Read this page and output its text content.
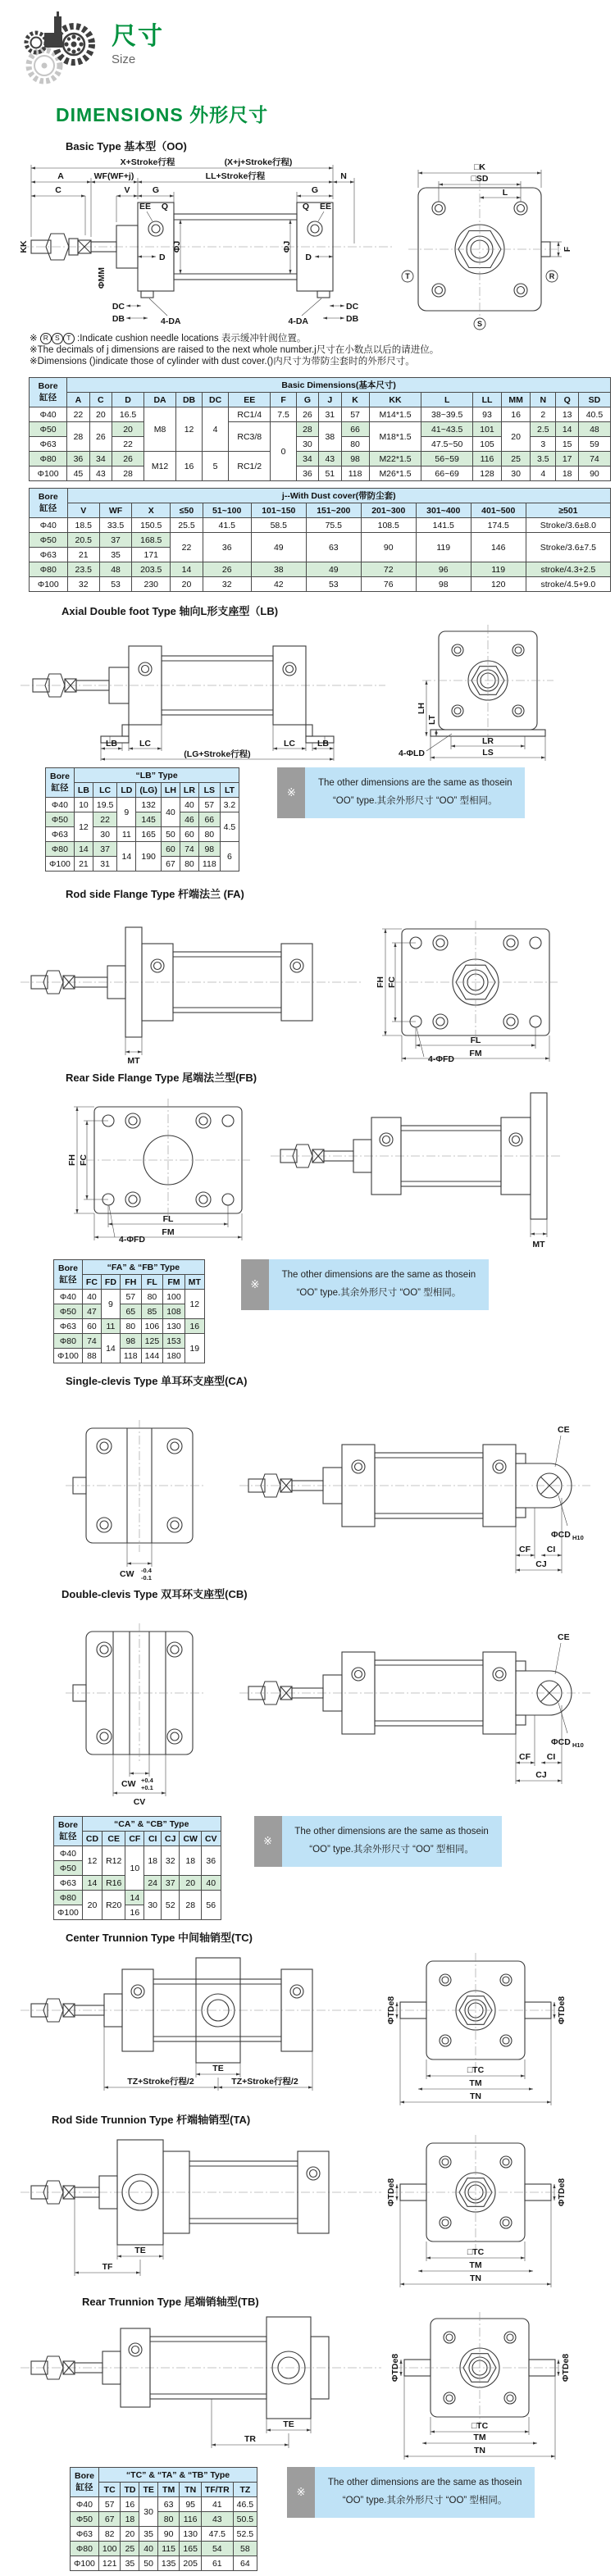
尺寸
Size
DIMENSIONS 外形尺寸
Basic Type 基本型（OO)
T	R
S
X+Stroke行程	(X+j+Stroke行程)
A	WF(WF+j)	LL+Stroke行程	N
C	V	G	G
EE Q	Q EE
KK
ΦMM
ΦJ	ΦJ
D	D
DC
DB	4-DA	4-DA	DB
DC
□K
□SD
L
F
※ R S T :Indicate cushion needle locations 表示缓冲针阀位置。
※The decimals of j dimensions are raised to the next whole number.j尺寸在小数点以后的请进位。
※Dimensions ()indicate those of cylinder with dust cover.()内尺寸为带防尘套时的外形尺寸。
Bore
缸径	Basic Dimensions(基本尺寸)																	
	A	C	D	DA	DB	DC	EE	F	G	J	K	KK	L	LL	MM	N	Q	SD
Φ40	22	20	16.5	M8	12	4	RC1/4	7.5	26	31	57	M14*1.5	38~39.5	93	16	2	13	40.5
Φ50	28	26	20				RC3/8	0	28	38	66	M18*1.5	41~43.5	101	20	2.5	14	48
Φ63			22						30		80		47.5~50	105		3	15	59
Φ80	36	34	26	M12	16	5	RC1/2		34	43	98	M22*1.5	56~59	116	25	3.5	17	74
Φ100	45	43	28						36	51	118	M26*1.5	66~69	128	30	4	18	90
Bore
缸径	j--With Dust cover(带防尘套)										
	V	WF	X	≤50	51~100	101~150	151~200	201~300	301~400	401~500	≥501
Φ40	18.5	33.5	150.5	25.5	41.5	58.5	75.5	108.5	141.5	174.5	Stroke/3.6±8.0
Φ50	20.5	37	168.5	22	36	49	63	90	119	146	Stroke/3.6±7.5
Φ63	21	35	171								
Φ80	23.5	48	203.5	14	26	38	49	72	96	119	stroke/4.3+2.5
Φ100	32	53	230	20	32	42	53	76	98	120	stroke/4.5+9.0
Axial Double foot Type 轴向L形支座型（LB)
LB	LC	LC	LB
(LG+Stroke行程)
LH
LT
4-ΦLD
LR
LS
Bore
缸径	“LB” Type							
	LB	LC	LD	(LG)	LH	LR	LS	LT
Φ40	10	19.5	9	132	40	40	57	3.2
Φ50	12	22		145		46	66	4.5
Φ63		30	11	165	50	60	80	
Φ80	14	37	14	190	60	74	98	6
Φ100	21	31			67	80	118	
※
The other dimensions are the same as thosein
“OO” type.其余外形尺寸 “OO” 型相同。
Rod side Flange Type 杆端法兰 (FA)
MT
FH FC
4-ΦFD
FL
FM
Rear Side Flange Type 尾端法兰型(FB)
FH FC
4-ΦFD
FL
FM
MT
Bore
缸径	“FA” & “FB” Type					
	FC	FD	FH	FL	FM	MT
Φ40	40	9	57	80	100	12
Φ50	47		65	85	108	
Φ63	60	11	80	106	130	16
Φ80	74	14	98	125	153	19
Φ100	88		118	144	180	
※
The other dimensions are the same as thosein
“OO” type.其余外形尺寸 “OO” 型相同。
Single-clevis Type 单耳环支座型(CA)
CW -0.4
-0.1
CE
ΦCD H10
CF CI
CJ
Double-clevis Type 双耳环支座型(CB)
CW +0.4
+0.1
CV
CE
ΦCD H10
CF CI
CJ
Bore
缸径	“CA” & “CB” Type						
	CD	CE	CF	CI	CJ	CW	CV
Φ40	12	R12	10	18	32	18	36
Φ50							
Φ63	14	R16		24	37	20	40
Φ80	20	R20	14	30	52	28	56
Φ100			16				
※
The other dimensions are the same as thosein
“OO” type.其余外形尺寸 “OO” 型相同。
Center Trunnion Type 中间轴销型(TC)
TE
TZ+Stroke行程/2	TZ+Stroke行程/2
ΦTDe8	ΦTDe8
□TC
TM
TN
Rod Side Trunnion Type 杆端轴销型(TA)
TE
TF
ΦTDe8	ΦTDe8
□TC
TM
TN
Rear Trunnion Type 尾端销轴型(TB)
TE
TR
ΦTDe8	ΦTDe8
□TC
TM
TN
Bore
缸径	“TC” & “TA” & “TB” Type						
	TC	TD	TE	TM	TN	TF/TR	TZ
Φ40	57	16	30	63	95	41	46.5
Φ50	67	18		80	116	43	50.5
Φ63	82	20	35	90	130	47.5	52.5
Φ80	100	25	40	115	165	54	58
Φ100	121	35	50	135	205	61	64
※
The other dimensions are the same as thosein
“OO” type.其余外形尺寸 “OO” 型相同。
